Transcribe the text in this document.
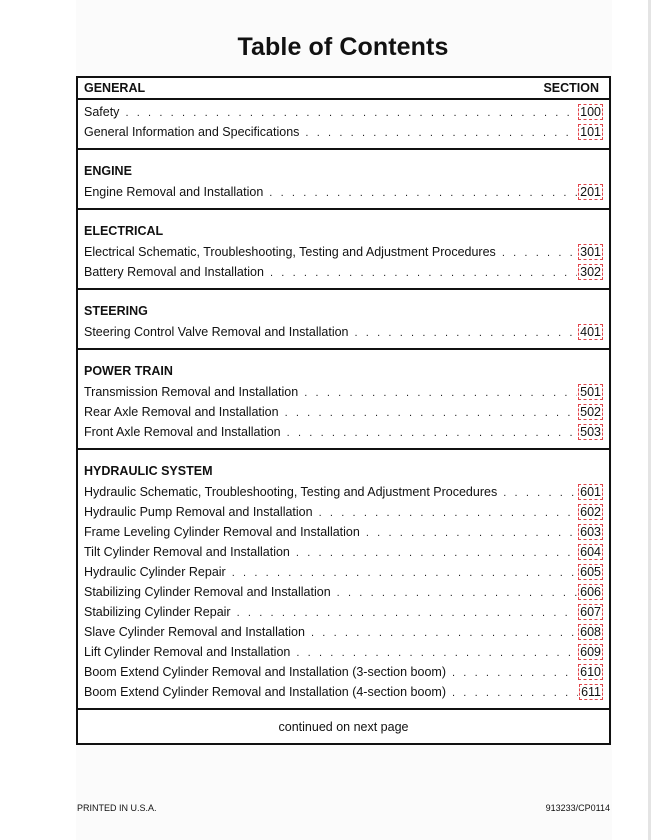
Table of Contents
GENERAL	SECTION
Safety . . .	100
General Information and Specifications . . .	101
ENGINE
Engine Removal and Installation . . .	201
ELECTRICAL
Electrical Schematic, Troubleshooting, Testing and Adjustment Procedures . . .	301
Battery Removal and Installation . . .	302
STEERING
Steering Control Valve Removal and Installation . . .	401
POWER TRAIN
Transmission Removal and Installation . . .	501
Rear Axle Removal and Installation . . .	502
Front Axle Removal and Installation . . .	503
HYDRAULIC SYSTEM
Hydraulic Schematic, Troubleshooting, Testing and Adjustment Procedures . . .	601
Hydraulic Pump Removal and Installation . . .	602
Frame Leveling Cylinder Removal and Installation . . .	603
Tilt Cylinder Removal and Installation . . .	604
Hydraulic Cylinder Repair . . .	605
Stabilizing Cylinder Removal and Installation . . .	606
Stabilizing Cylinder Repair . . .	607
Slave Cylinder Removal and Installation . . .	608
Lift Cylinder Removal and Installation . . .	609
Boom Extend Cylinder Removal and Installation (3-section boom) . . .	610
Boom Extend Cylinder Removal and Installation (4-section boom) . . .	611
continued on next page
PRINTED IN U.S.A.	913233/CP0114
